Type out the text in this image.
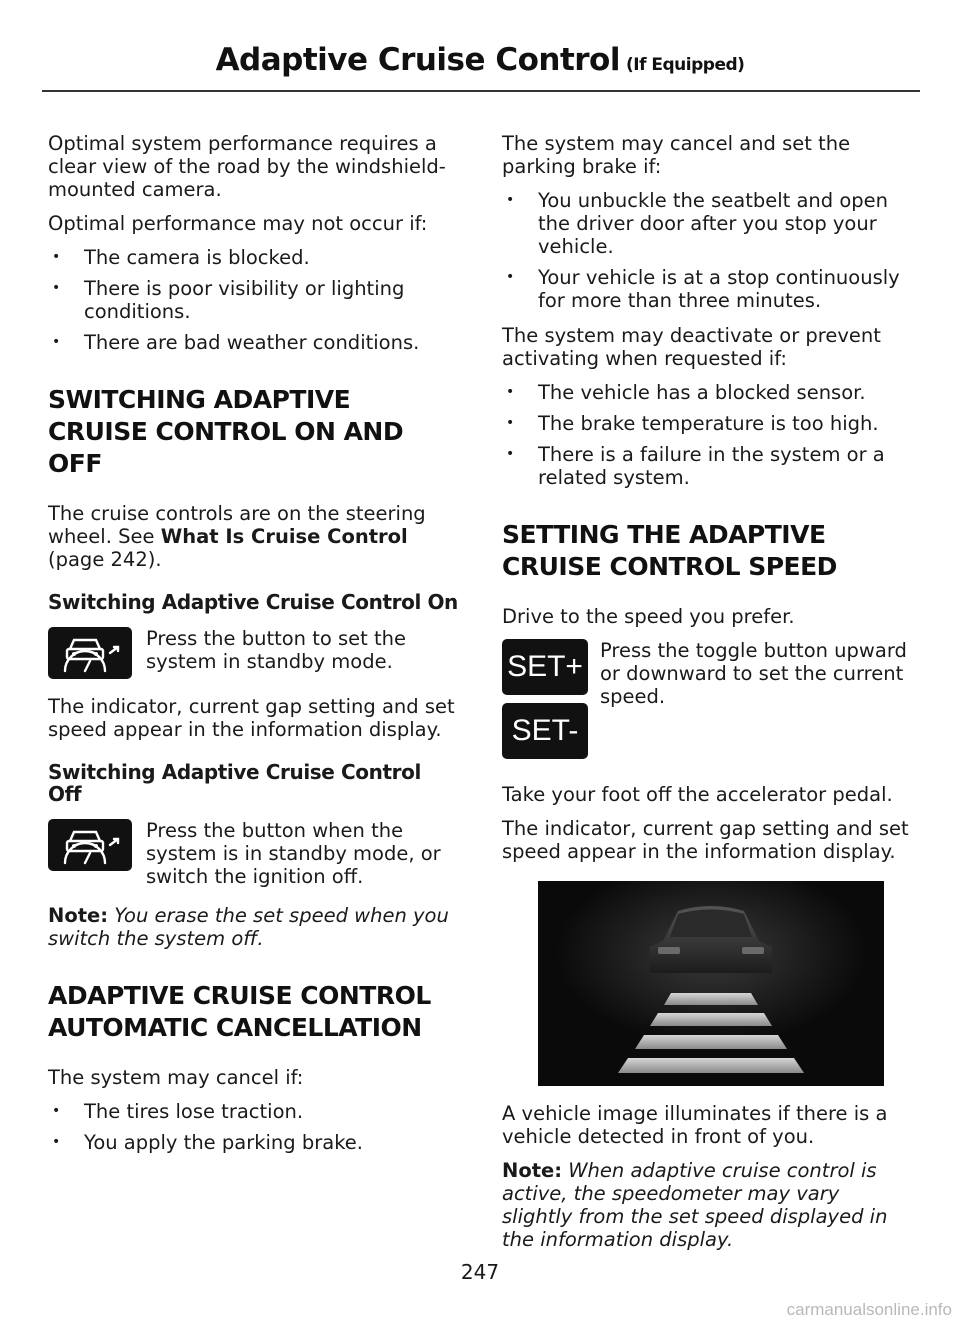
Adaptive Cruise Control (If Equipped)

Optimal system performance requires a clear view of the road by the windshield-mounted camera.

Optimal performance may not occur if:

• The camera is blocked.
• There is poor visibility or lighting conditions.
• There are bad weather conditions.
SWITCHING ADAPTIVE
CRUISE CONTROL ON AND OFF

The cruise controls are on the steering wheel. See What Is Cruise Control (page 242).

Switching Adaptive Cruise Control On
Press the button to set the system in standby mode.

The indicator, current gap setting and set speed appear in the information display.

Switching Adaptive Cruise Control Off
Press the button when the system is in standby mode, or switch the ignition off.

Note: You erase the set speed when you switch the system off.

ADAPTIVE CRUISE CONTROL
AUTOMATIC CANCELLATION

The system may cancel if:

• The tires lose traction.
• You apply the parking brake.

The system may cancel and set the parking brake if:

• You unbuckle the seatbelt and open the driver door after you stop your vehicle.
• Your vehicle is at a stop continuously for more than three minutes.

The system may deactivate or prevent activating when requested if:

• The vehicle has a blocked sensor.
• The brake temperature is too high.
• There is a failure in the system or a related system.
SETTING THE ADAPTIVE
CRUISE CONTROL SPEED

Drive to the speed you prefer.

SET+
SET-
Press the toggle button upward or downward to set the current speed.

Take your foot off the accelerator pedal.

The indicator, current gap setting and set speed appear in the information display.

A vehicle image illuminates if there is a vehicle detected in front of you.

Note: When adaptive cruise control is active, the speedometer may vary slightly from the set speed displayed in the information display.

247
carmanualsonline.info
